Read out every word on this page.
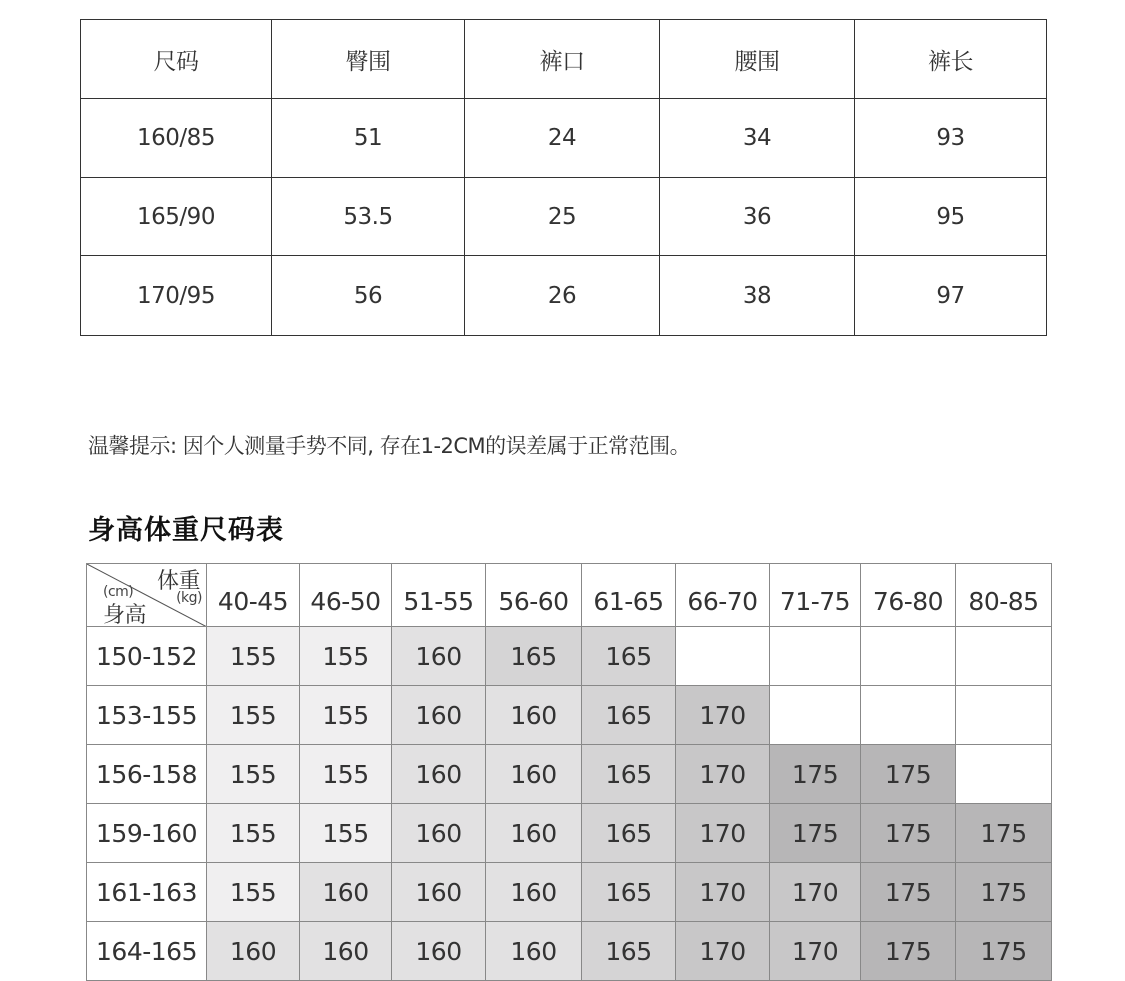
尺码	臀围	裤口	腰围	裤长
160/85	51	24	34	93
165/90	53.5	25	36	95
170/95	56	26	38	97
温馨提示: 因个人测量手势不同, 存在1-2CM的误差属于正常范围。
身高体重尺码表
体重
(kg)
(cm)
身高	40-45	46-50	51-55	56-60	61-65	66-70	71-75	76-80	80-85
150-152	155	155	160	165	165				
153-155	155	155	160	160	165	170			
156-158	155	155	160	160	165	170	175	175	
159-160	155	155	160	160	165	170	175	175	175
161-163	155	160	160	160	165	170	170	175	175
164-165	160	160	160	160	165	170	170	175	175
